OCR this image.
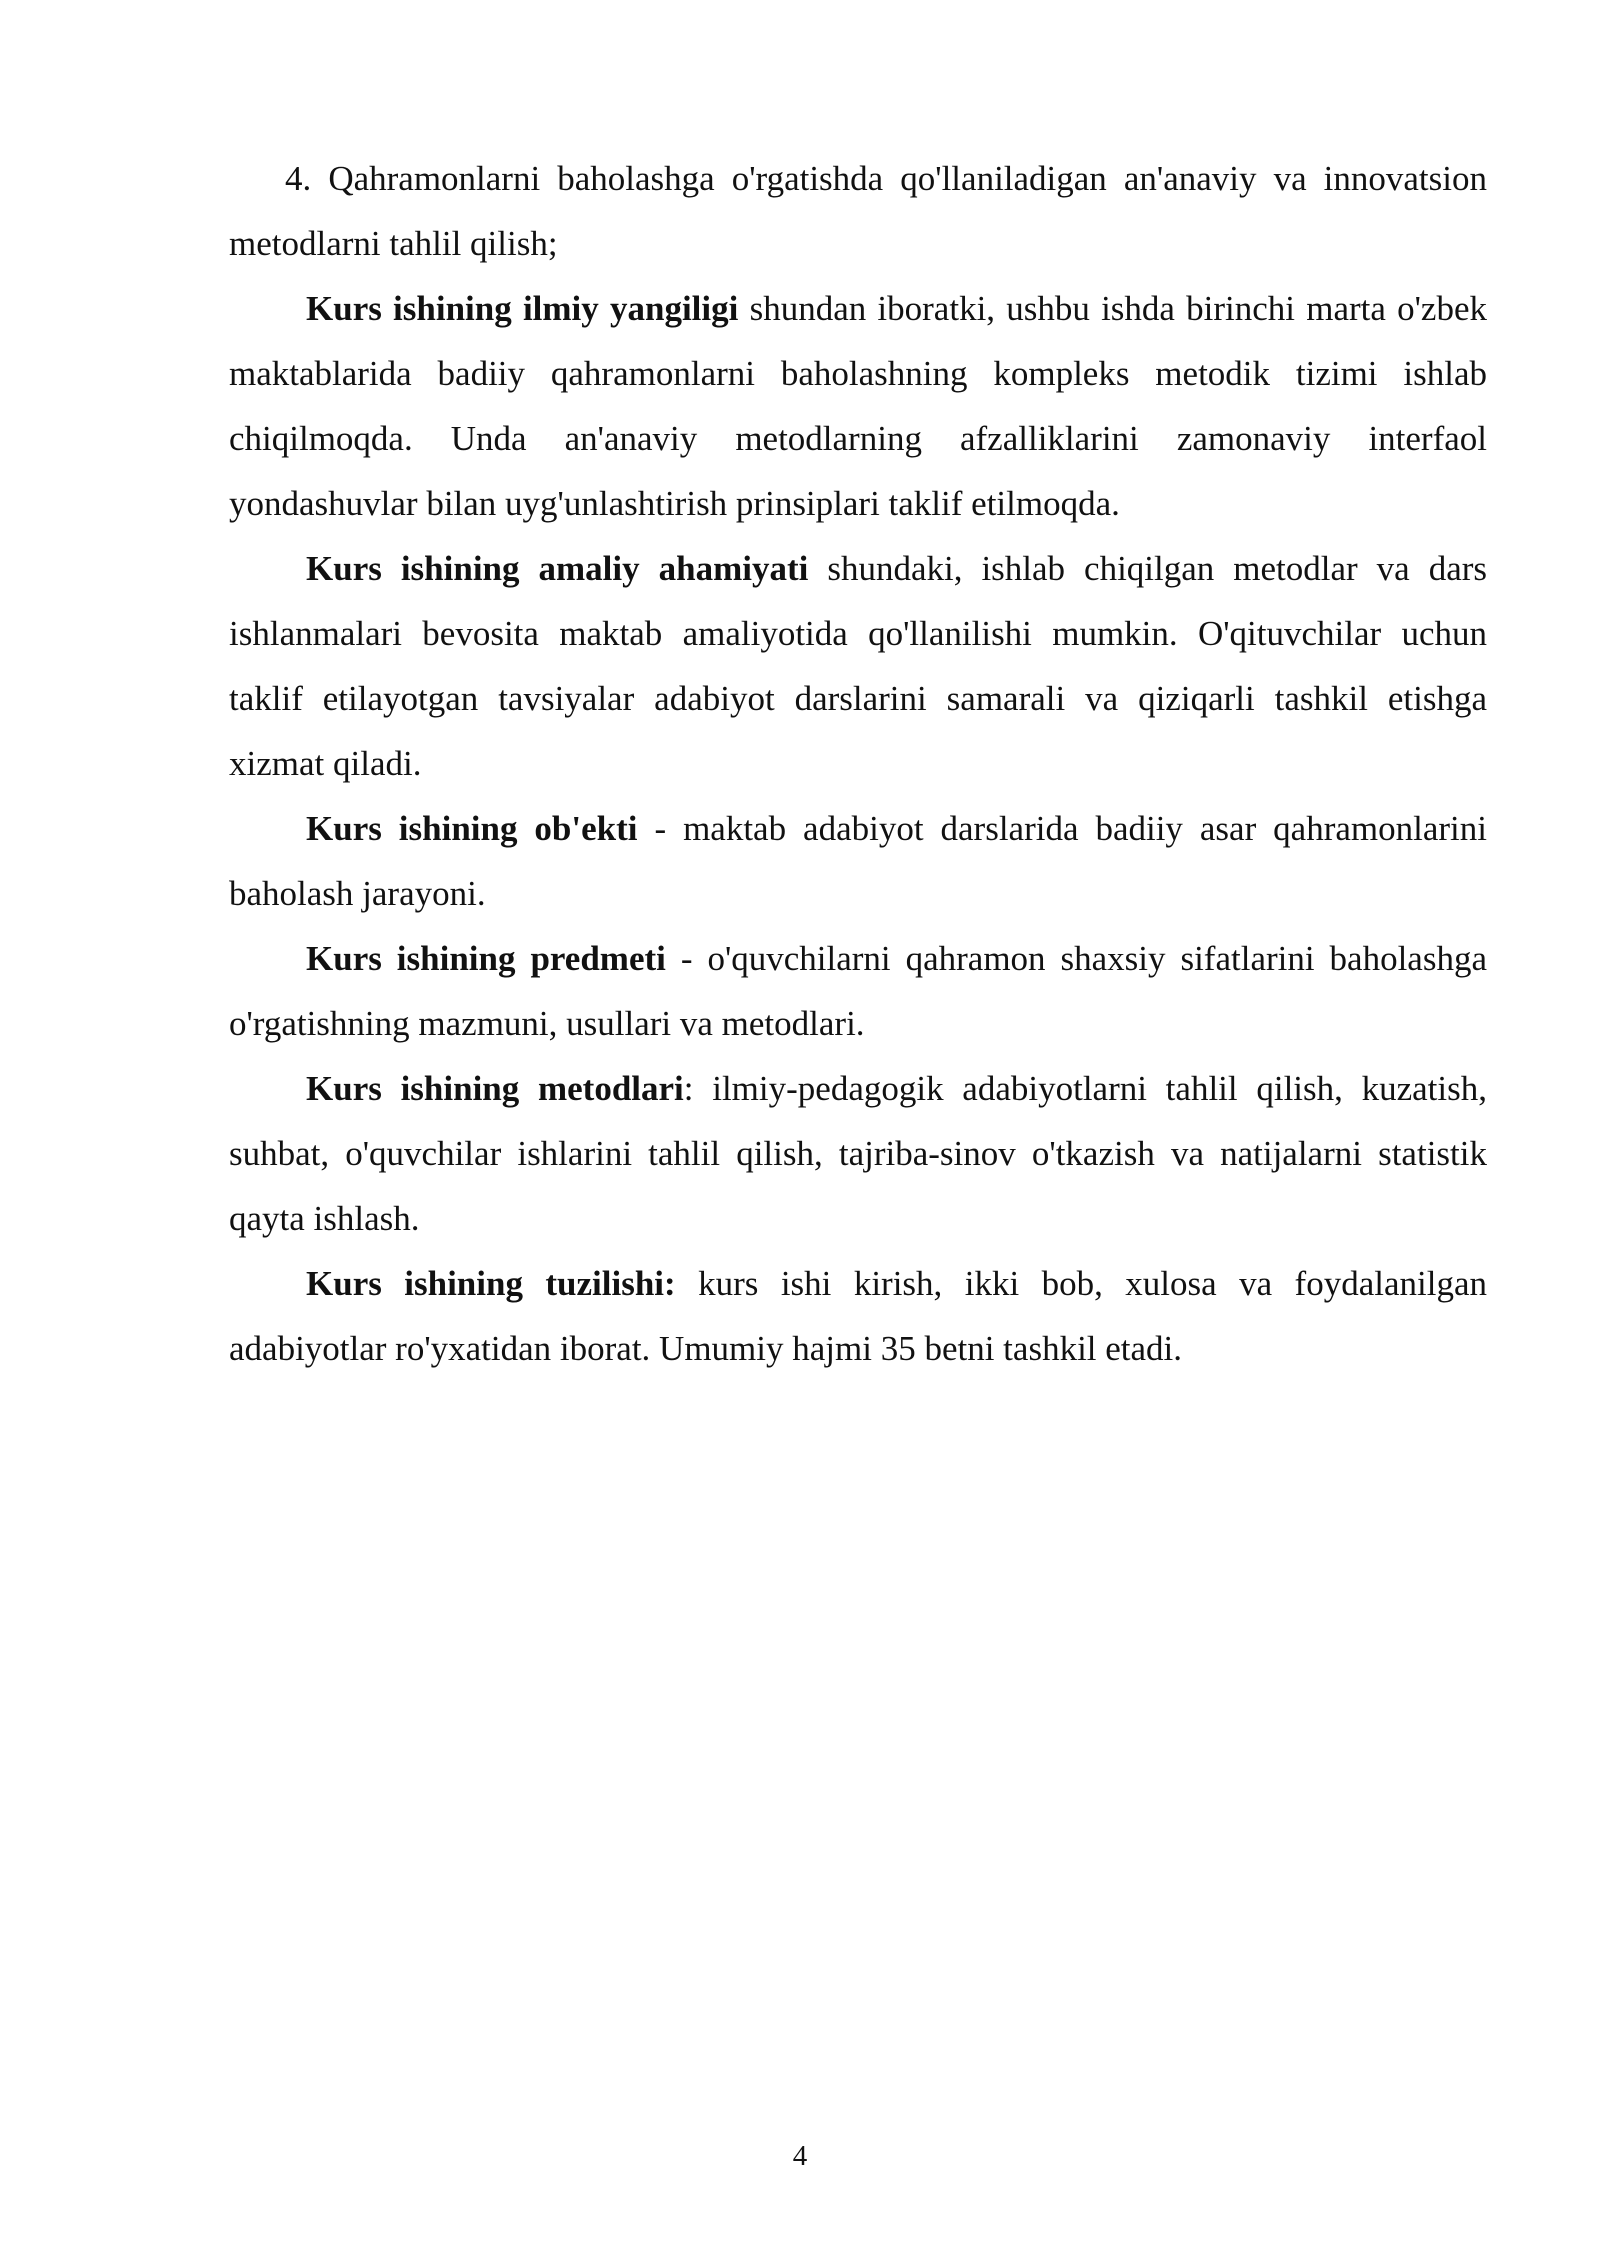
4. Qahramonlarni baholashga o'rgatishda qo'llaniladigan an'anaviy va innovatsion metodlarni tahlil qilish;

Kurs ishining ilmiy yangiligi shundan iboratki, ushbu ishda birinchi marta o'zbek maktablarida badiiy qahramonlarni baholashning kompleks metodik tizimi ishlab chiqilmoqda. Unda an'anaviy metodlarning afzalliklarini zamonaviy interfaol yondashuvlar bilan uyg'unlashtirish prinsiplari taklif etilmoqda.

Kurs ishining amaliy ahamiyati shundaki, ishlab chiqilgan metodlar va dars ishlanmalari bevosita maktab amaliyotida qo'llanilishi mumkin. O'qituvchilar uchun taklif etilayotgan tavsiyalar adabiyot darslarini samarali va qiziqarli tashkil etishga xizmat qiladi.

Kurs ishining ob'ekti - maktab adabiyot darslarida badiiy asar qahramonlarini baholash jarayoni.

Kurs ishining predmeti - o'quvchilarni qahramon shaxsiy sifatlarini baholashga o'rgatishning mazmuni, usullari va metodlari.

Kurs ishining metodlari: ilmiy-pedagogik adabiyotlarni tahlil qilish, kuzatish, suhbat, o'quvchilar ishlarini tahlil qilish, tajriba-sinov o'tkazish va natijalarni statistik qayta ishlash.

Kurs ishining tuzilishi: kurs ishi kirish, ikki bob, xulosa va foydalanilgan adabiyotlar ro'yxatidan iborat. Umumiy hajmi 35 betni tashkil etadi.

4
